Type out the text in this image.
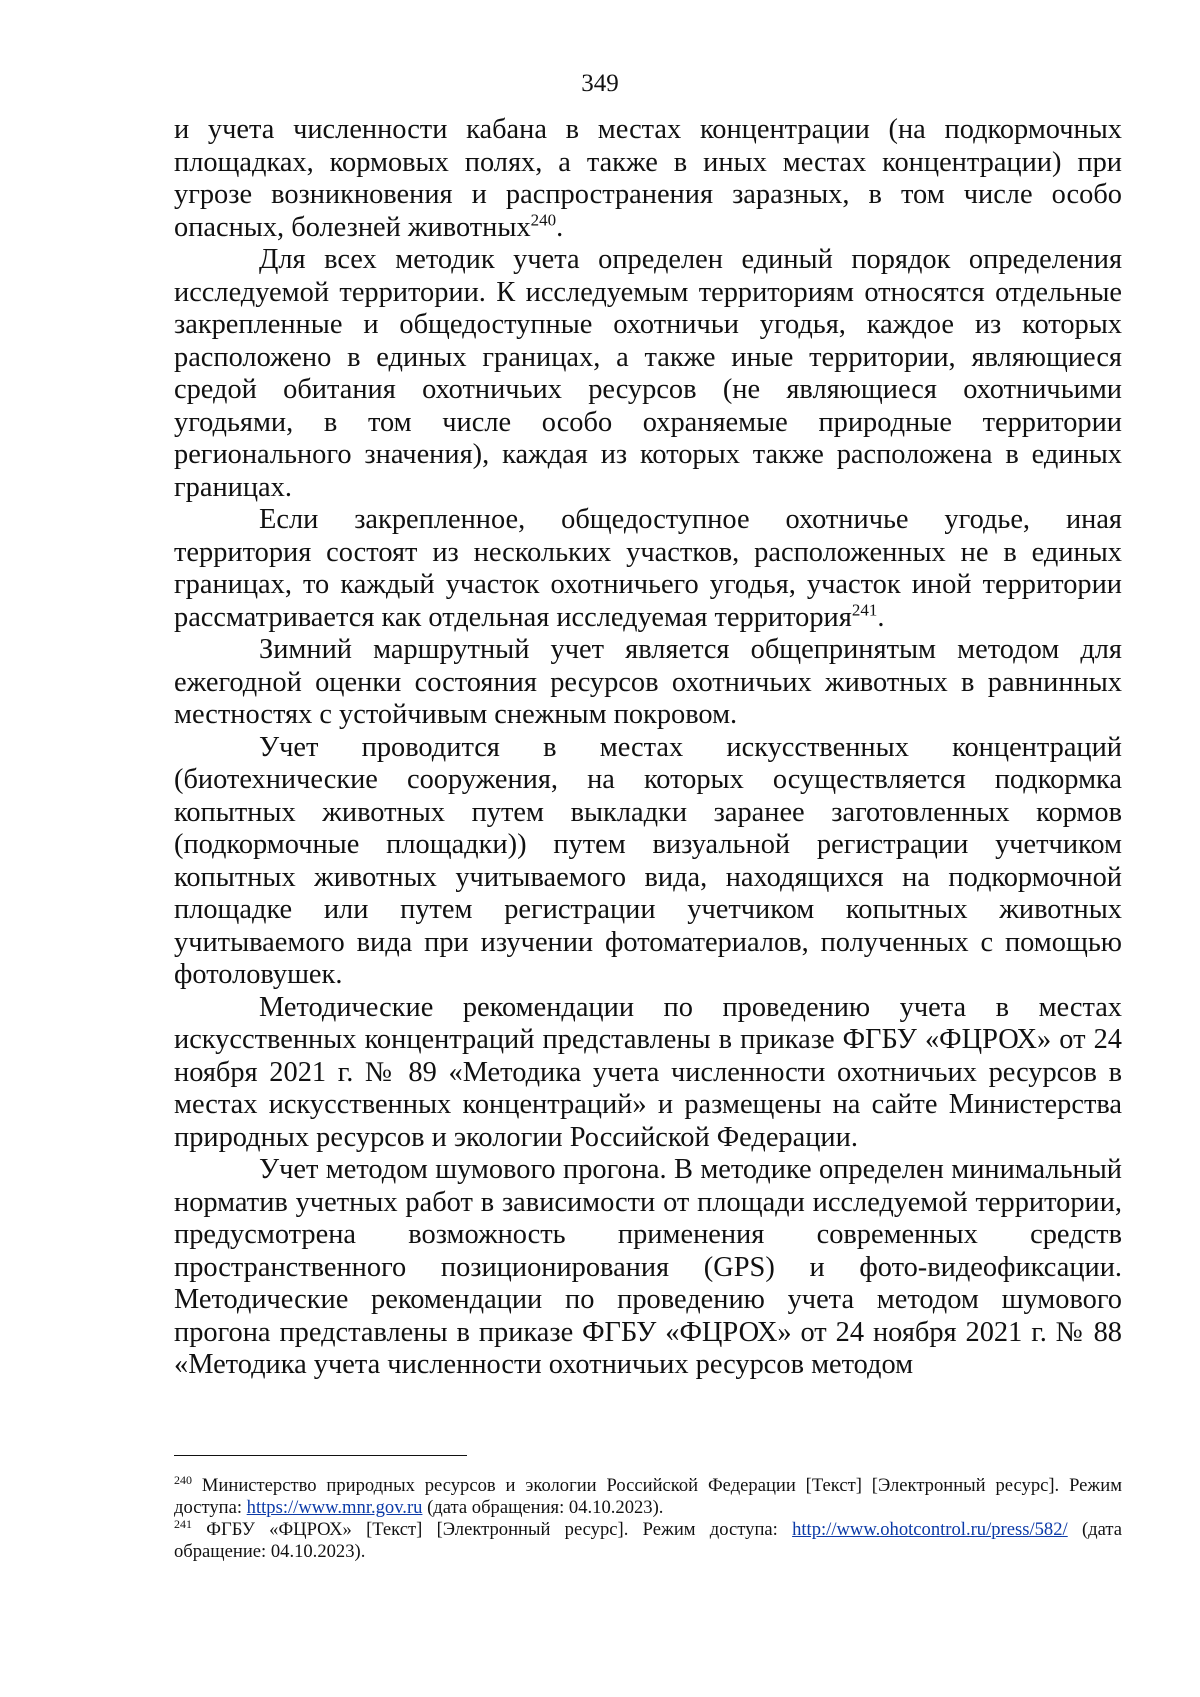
349

и учета численности кабана в местах концентрации (на подкормочных площадках, кормовых полях, а также в иных местах концентрации) при угрозе возникновения и распространения заразных, в том числе особо опасных, болезней животных$^{240}$.

Для всех методик учета определен единый порядок определения исследуемой территории. К исследуемым территориям относятся отдельные закрепленные и общедоступные охотничьи угодья, каждое из которых расположено в единых границах, а также иные территории, являющиеся средой обитания охотничьих ресурсов (не являющиеся охотничьими угодьями, в том числе особо охраняемые природные территории регионального значения), каждая из которых также расположена в единых границах.

Если закрепленное, общедоступное охотничье угодье, иная территория состоят из нескольких участков, расположенных не в единых границах, то каждый участок охотничьего угодья, участок иной территории рассматривается как отдельная исследуемая территория$^{241}$.

Зимний маршрутный учет является общепринятым методом для ежегодной оценки состояния ресурсов охотничьих животных в равнинных местностях с устойчивым снежным покровом.

Учет проводится в местах искусственных концентраций (биотехнические сооружения, на которых осуществляется подкормка копытных животных путем выкладки заранее заготовленных кормов (подкормочные площадки)) путем визуальной регистрации учетчиком копытных животных учитываемого вида, находящихся на подкормочной площадке или путем регистрации учетчиком копытных животных учитываемого вида при изучении фотоматериалов, полученных с помощью фотоловушек.

Методические рекомендации по проведению учета в местах искусственных концентраций представлены в приказе ФГБУ «ФЦРОХ» от 24 ноября 2021 г. № 89 «Методика учета численности охотничьих ресурсов в местах искусственных концентраций» и размещены на сайте Министерства природных ресурсов и экологии Российской Федерации.

Учет методом шумового прогона. В методике определен минимальный норматив учетных работ в зависимости от площади исследуемой территории, предусмотрена возможность применения современных средств пространственного позиционирования (GPS) и фото-видеофиксации. Методические рекомендации по проведению учета методом шумового прогона представлены в приказе ФГБУ «ФЦРОХ» от 24 ноября 2021 г. № 88 «Методика учета численности охотничьих ресурсов методом

$^{240}$ Министерство природных ресурсов и экологии Российской Федерации [Текст] [Электронный ресурс]. Режим доступа: https://www.mnr.gov.ru (дата обращения: 04.10.2023).

$^{241}$ ФГБУ «ФЦРОХ» [Текст] [Электронный ресурс]. Режим доступа: http://www.ohotcontrol.ru/press/582/ (дата обращение: 04.10.2023).
